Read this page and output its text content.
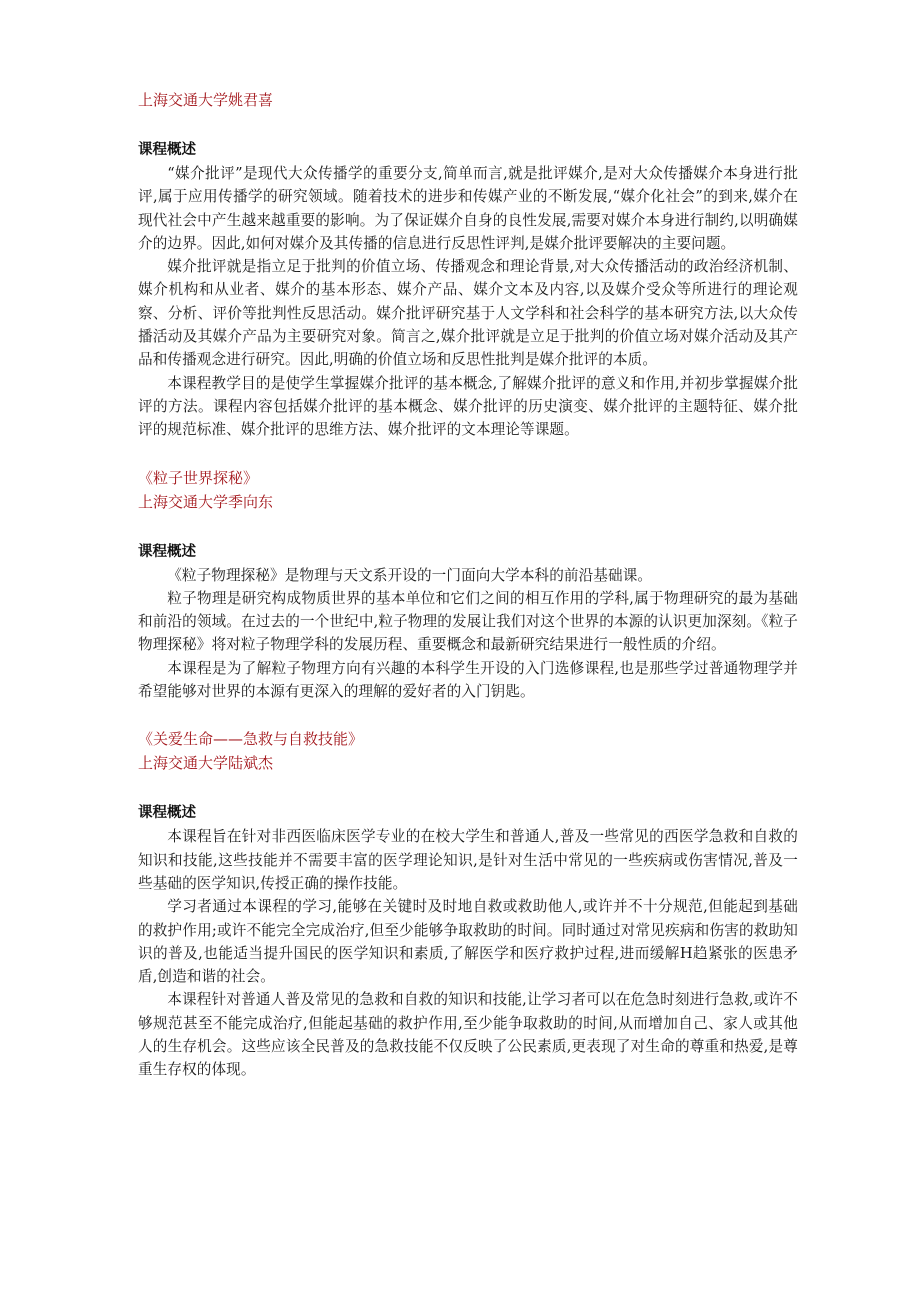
上海交通大学姚君喜

课程概述

“媒介批评”是现代大众传播学的重要分支,简单而言,就是批评媒介,是对大众传播媒介本身进行批评,属于应用传播学的研究领域。随着技术的进步和传媒产业的不断发展,“媒介化社会”的到来,媒介在现代社会中产生越来越重要的影响。为了保证媒介自身的良性发展,需要对媒介本身进行制约,以明确媒介的边界。因此,如何对媒介及其传播的信息进行反思性评判,是媒介批评要解决的主要问题。

媒介批评就是指立足于批判的价值立场、传播观念和理论背景,对大众传播活动的政治经济机制、媒介机构和从业者、媒介的基本形态、媒介产品、媒介文本及内容,以及媒介受众等所进行的理论观察、分析、评价等批判性反思活动。媒介批评研究基于人文学科和社会科学的基本研究方法,以大众传播活动及其媒介产品为主要研究对象。简言之,媒介批评就是立足于批判的价值立场对媒介活动及其产品和传播观念进行研究。因此,明确的价值立场和反思性批判是媒介批评的本质。

本课程教学目的是使学生掌握媒介批评的基本概念,了解媒介批评的意义和作用,并初步掌握媒介批评的方法。课程内容包括媒介批评的基本概念、媒介批评的历史演变、媒介批评的主题特征、媒介批评的规范标准、媒介批评的思维方法、媒介批评的文本理论等课题。

《粒子世界探秘》

上海交通大学季向东

课程概述

《粒子物理探秘》是物理与天文系开设的一门面向大学本科的前沿基础课。

粒子物理是研究构成物质世界的基本单位和它们之间的相互作用的学科,属于物理研究的最为基础和前沿的领域。在过去的一个世纪中,粒子物理的发展让我们对这个世界的本源的认识更加深刻。《粒子物理探秘》将对粒子物理学科的发展历程、重要概念和最新研究结果进行一般性质的介绍。

本课程是为了解粒子物理方向有兴趣的本科学生开设的入门选修课程,也是那些学过普通物理学并希望能够对世界的本源有更深入的理解的爱好者的入门钥匙。

《关爱生命——急救与自救技能》

上海交通大学陆斌杰

课程概述

本课程旨在针对非西医临床医学专业的在校大学生和普通人,普及一些常见的西医学急救和自救的知识和技能,这些技能并不需要丰富的医学理论知识,是针对生活中常见的一些疾病或伤害情况,普及一些基础的医学知识,传授正确的操作技能。

学习者通过本课程的学习,能够在关键时及时地自救或救助他人,或许并不十分规范,但能起到基础的救护作用;或许不能完全完成治疗,但至少能够争取救助的时间。同时通过对常见疾病和伤害的救助知识的普及,也能适当提升国民的医学知识和素质,了解医学和医疗救护过程,进而缓解H趋紧张的医患矛盾,创造和谐的社会。

本课程针对普通人普及常见的急救和自救的知识和技能,让学习者可以在危急时刻进行急救,或许不够规范甚至不能完成治疗,但能起基础的救护作用,至少能争取救助的时间,从而增加自己、家人或其他人的生存机会。这些应该全民普及的急救技能不仅反映了公民素质,更表现了对生命的尊重和热爱,是尊重生存权的体现。
